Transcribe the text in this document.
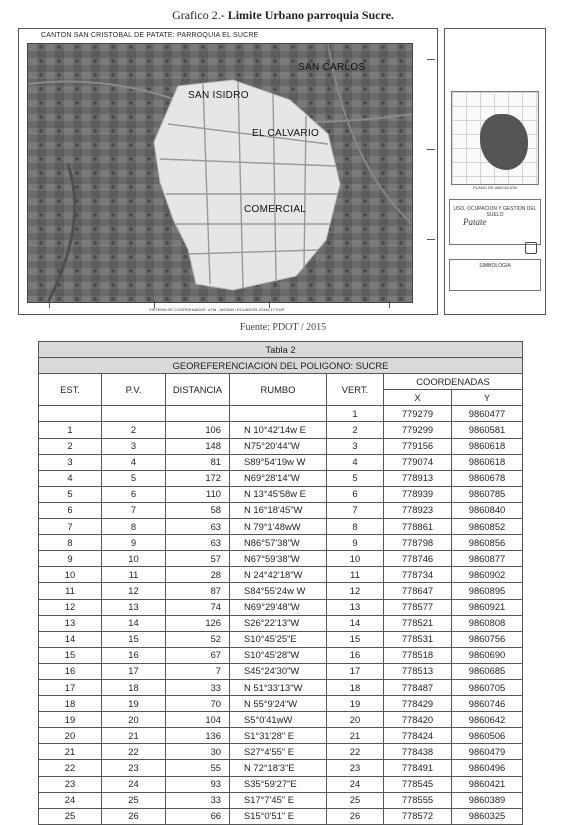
Grafico 2.- Limite Urbano parroquia Sucre.
CANTON SAN CRISTOBAL DE PATATE: PARROQUIA EL SUCRE
SAN CARLOS
SAN ISIDRO
EL CALVARIO
COMERCIAL
SISTEMA DE COORDENADAS: UTM - WGS84 / ECUADOR ZONA 17 SUR
PLANO DE UBICACION
USO, OCUPACION Y GESTION DEL SUELO
Patate
SIMBOLOGIA
Fuente: PDOT / 2015
Tabla 2						
GEOREFERENCIACION DEL POLIGONO: SUCRE						
EST.	P.V.	DISTANCIA	RUMBO	VERT.	COORDENADAS	
					X	Y
				1	779279	9860477
1	2	106	N 10°42'14w E	2	779299	9860581
2	3	148	N75°20'44"W	3	779156	9860618
3	4	81	S89°54'19w W	4	779074	9860618
4	5	172	N69°28'14"W	5	778913	9860678
5	6	110	N 13°45'58w E	6	778939	9860785
6	7	58	N 16°18'45"W	7	778923	9860840
7	8	63	N 79°1'48wW	8	778861	9860852
8	9	63	N86°57'38"W	9	778798	9860856
9	10	57	N67°59'38"W	10	778746	9860877
10	11	28	N 24°42'18"W	11	778734	9860902
11	12	87	S84°55'24w W	12	778647	9860895
12	13	74	N69°29'48"W	13	778577	9860921
13	14	126	S26°22'13"W	14	778521	9860808
14	15	52	S10°45'25"E	15	778531	9860756
15	16	67	S10°45'28"W	16	778518	9860690
16	17	7	S45°24'30"W	17	778513	9860685
17	18	33	N 51°33'13"W	18	778487	9860705
18	19	70	N 55°9'24"W	19	778429	9860746
19	20	104	S5°0'41wW	20	778420	9860642
20	21	136	S1°31'28" E	21	778424	9860506
21	22	30	S27°4'55" E	22	778438	9860479
22	23	55	N 72°18'3"E	23	778491	9860496
23	24	93	S35°59'27"E	24	778545	9860421
24	25	33	S17°7'45" E	25	778555	9860389
25	26	66	S15°0'51" E	26	778572	9860325
